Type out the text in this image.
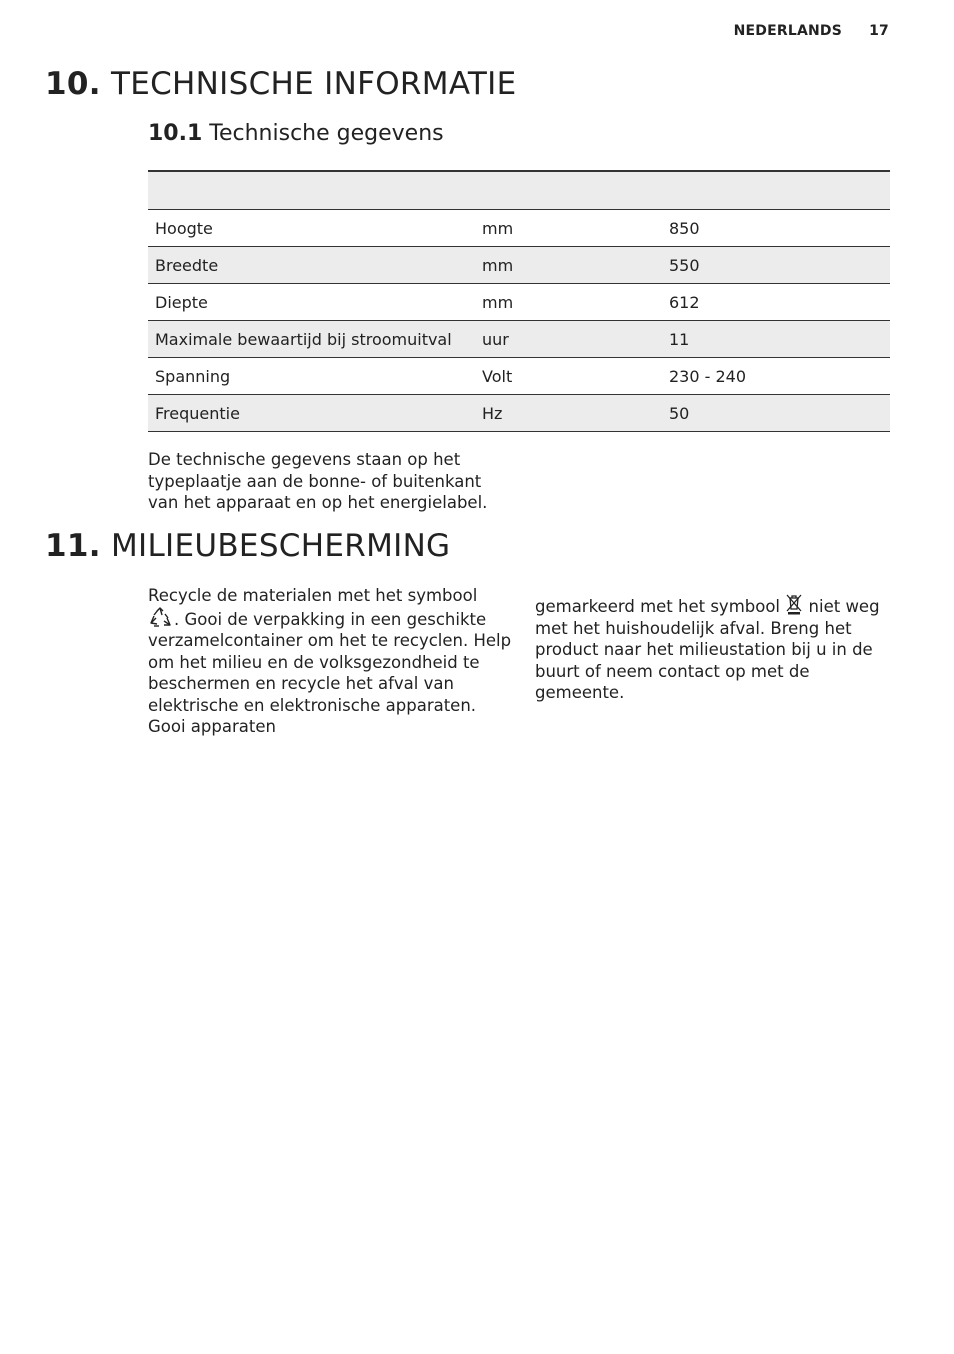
NEDERLANDS 17
10. TECHNISCHE INFORMATIE
10.1 Technische gegevens

Hoogte	mm	850
Breedte	mm	550
Diepte	mm	612
Maximale bewaartijd bij stroomuitval	uur	11
Spanning	Volt	230 - 240
Frequentie	Hz	50

De technische gegevens staan op het typeplaatje aan de bonne- of buitenkant van het apparaat en op het energielabel.

11. MILIEUBESCHERMING

Recycle de materialen met het symbool
. Gooi de verpakking in een geschikte verzamelcontainer om het te recyclen. Help om het milieu en de volksgezondheid te beschermen en recycle het afval van elektrische en elektronische apparaten. Gooi apparaten

gemarkeerd met het symbool niet weg met het huishoudelijk afval. Breng het product naar het milieustation bij u in de buurt of neem contact op met de gemeente.
